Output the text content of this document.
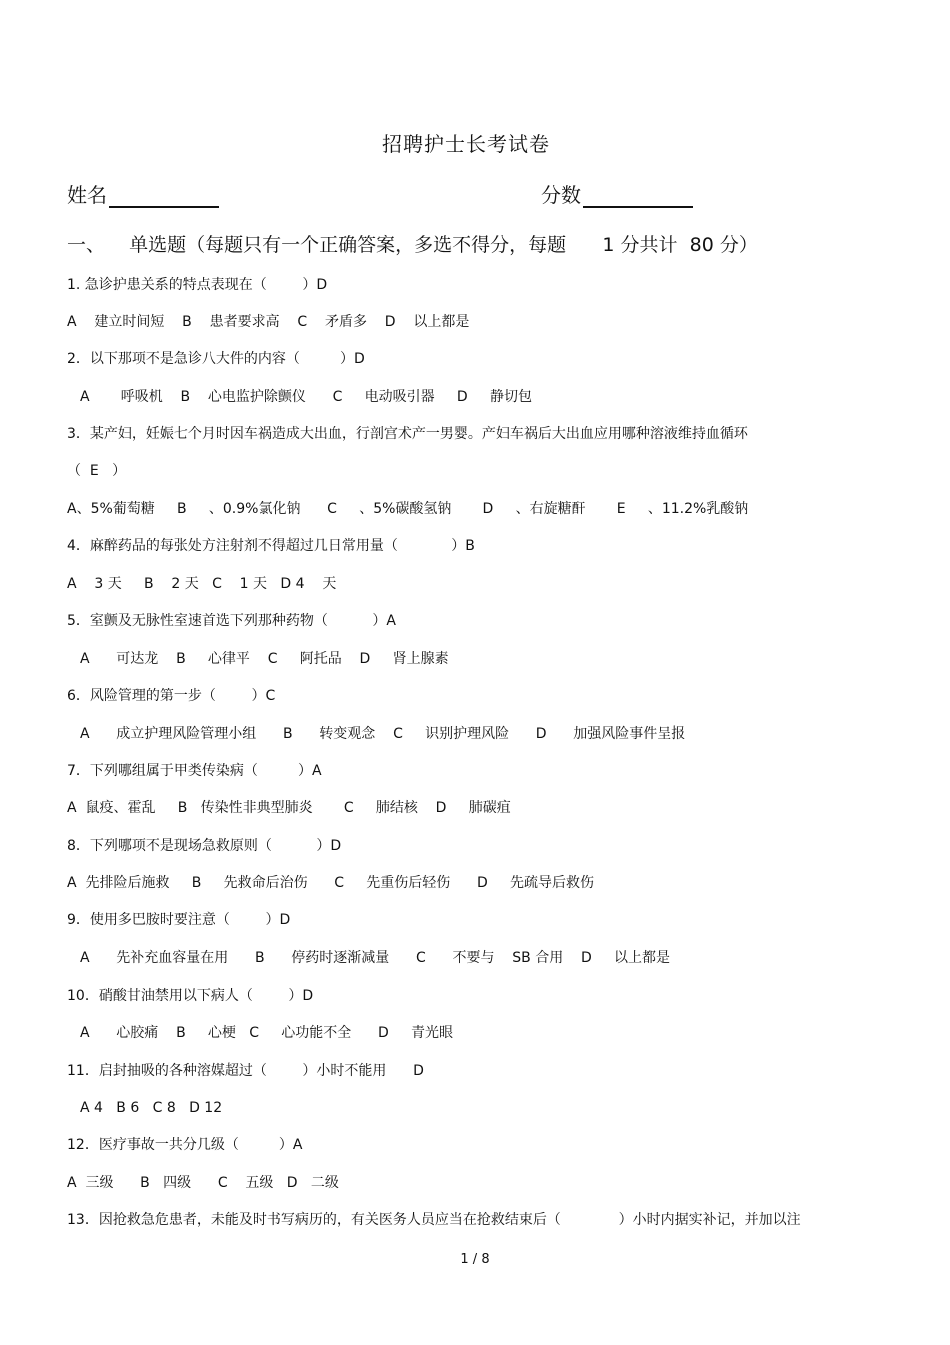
招聘护士长考试卷
姓名	分数
一、    单选题（每题只有一个正确答案，多选不得分，每题      1 分共计  80 分）
1. 急诊护患关系的特点表现在（        ）D
A    建立时间短    B    患者要求高    C    矛盾多    D    以上都是
2．以下那项不是急诊八大件的内容（         ）D
A       呼吸机    B    心电监护除颤仪      C     电动吸引器     D     静切包
3．某产妇，妊娠七个月时因车祸造成大出血，行剖宫术产一男婴。产妇车祸后大出血应用哪种溶液维持血循环
（  E   ）
A、5%葡萄糖     B     、0.9%氯化钠      C     、5%碳酸氢钠       D     、右旋糖酐       E     、11.2%乳酸钠
4．麻醉药品的每张处方注射剂不得超过几日常用量（            ）B
A    3 天     B    2 天   C    1 天   D 4    天
5．室颤及无脉性室速首选下列那种药物（          ）A
A      可达龙    B     心律平    C     阿托品    D     肾上腺素
6．风险管理的第一步（        ）C
A      成立护理风险管理小组      B      转变观念    C     识别护理风险      D      加强风险事件呈报
7．下列哪组属于甲类传染病（         ）A
A  鼠疫、霍乱     B   传染性非典型肺炎       C     肺结核    D     肺碳疽
8．下列哪项不是现场急救原则（          ）D
A  先排险后施救     B     先救命后治伤      C     先重伤后轻伤      D     先疏导后救伤
9．使用多巴胺时要注意（        ）D
A      先补充血容量在用      B      停药时逐渐减量      C      不要与    SB 合用    D     以上都是
10．硝酸甘油禁用以下病人（        ）D
A      心胶痛    B     心梗   C     心功能不全      D     青光眼
11．启封抽吸的各种溶媒超过（        ）小时不能用      D
A 4   B 6   C 8   D 12
12．医疗事故一共分几级（         ）A
A  三级      B   四级      C    五级   D   二级
13．因抢救急危患者，未能及时书写病历的，有关医务人员应当在抢救结束后（             ）小时内据实补记，并加以注
1 / 8
